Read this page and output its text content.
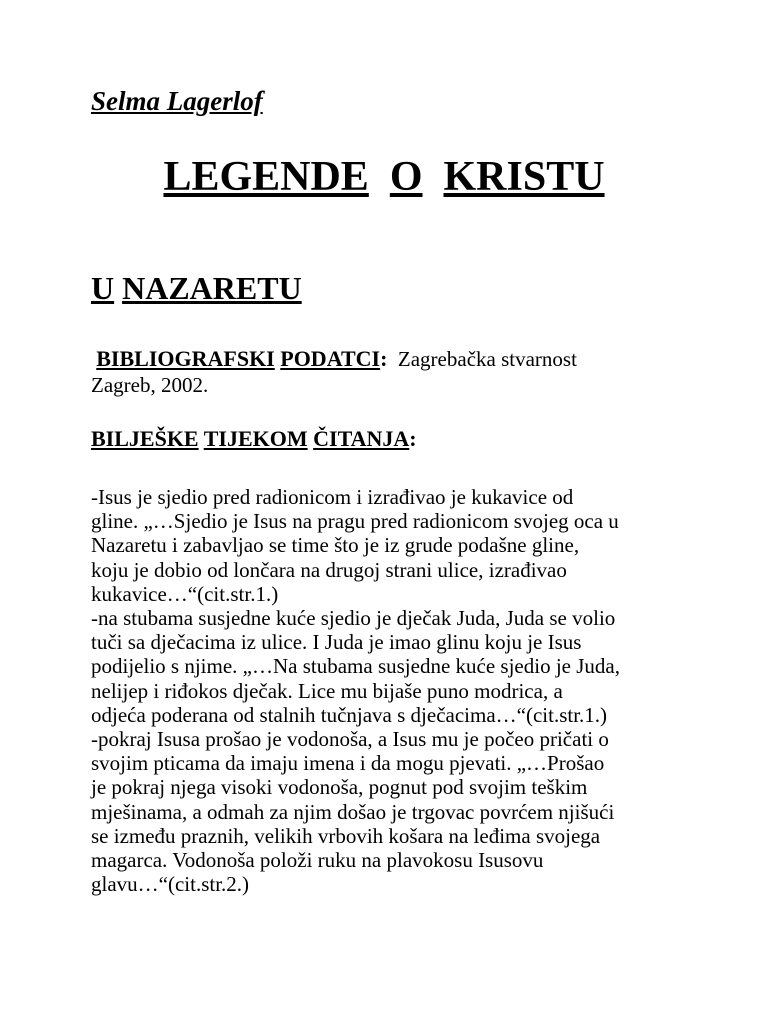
Selma Lagerlof
LEGENDE O KRISTU
U NAZARETU
BIBLIOGRAFSKI PODATCI: Zagrebačka stvarnost
Zagreb, 2002.
BILJEŠKE TIJEKOM ČITANJA:
-Isus je sjedio pred radionicom i izrađivao je kukavice od
gline. „…Sjedio je Isus na pragu pred radionicom svojeg oca u
Nazaretu i zabavljao se time što je iz grude podašne gline,
koju je dobio od lončara na drugoj strani ulice, izrađivao
kukavice…“(cit.str.1.)
-na stubama susjedne kuće sjedio je dječak Juda, Juda se volio
tuči sa dječacima iz ulice. I Juda je imao glinu koju je Isus
podijelio s njime. „…Na stubama susjedne kuće sjedio je Juda,
nelijep i riđokos dječak. Lice mu bijaše puno modrica, a
odjeća poderana od stalnih tučnjava s dječacima…“(cit.str.1.)
-pokraj Isusa prošao je vodonoša, a Isus mu je počeo pričati o
svojim pticama da imaju imena i da mogu pjevati. „…Prošao
je pokraj njega visoki vodonoša, pognut pod svojim teškim
mješinama, a odmah za njim došao je trgovac povrćem njišući
se između praznih, velikih vrbovih košara na leđima svojega
magarca. Vodonoša položi ruku na plavokosu Isusovu
glavu…“(cit.str.2.)
